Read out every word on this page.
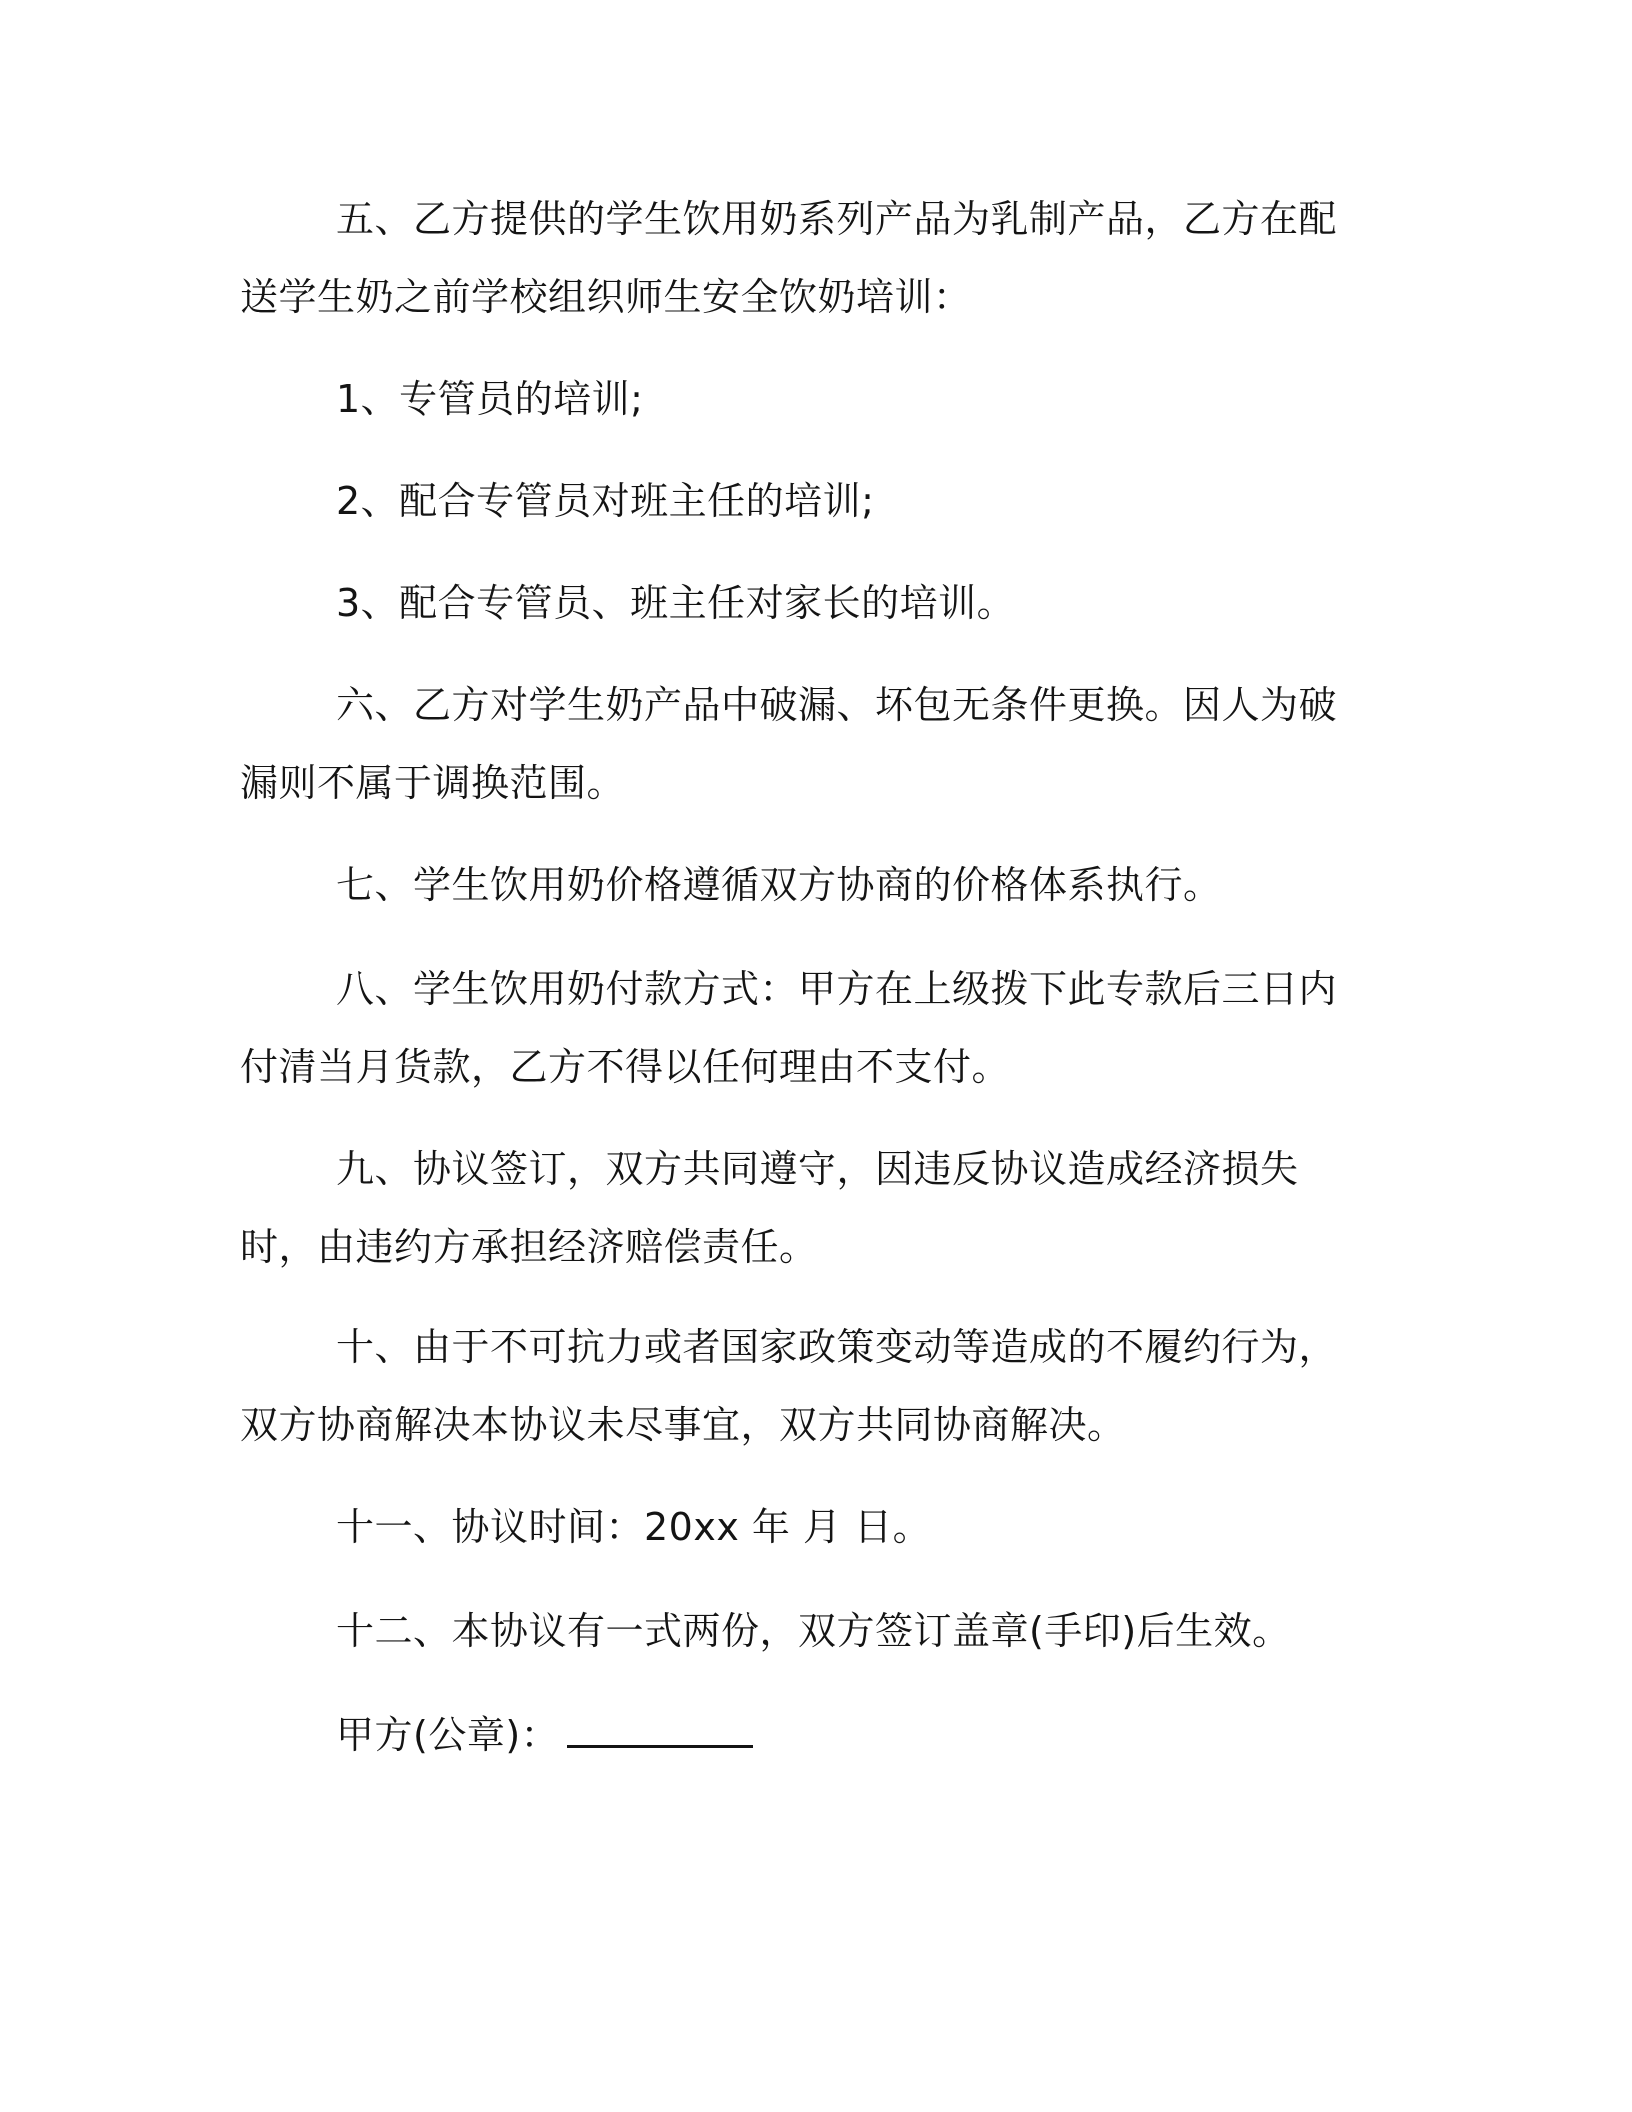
五、乙方提供的学生饮用奶系列产品为乳制产品，乙方在配送学生奶之前学校组织师生安全饮奶培训：
1、专管员的培训;
2、配合专管员对班主任的培训;
3、配合专管员、班主任对家长的培训。
六、乙方对学生奶产品中破漏、坏包无条件更换。因人为破漏则不属于调换范围。
七、学生饮用奶价格遵循双方协商的价格体系执行。
八、学生饮用奶付款方式：甲方在上级拨下此专款后三日内付清当月货款，乙方不得以任何理由不支付。
九、协议签订，双方共同遵守，因违反协议造成经济损失时，由违约方承担经济赔偿责任。
十、由于不可抗力或者国家政策变动等造成的不履约行为，双方协商解决本协议未尽事宜，双方共同协商解决。
十一、协议时间：20xx 年 月 日。
十二、本协议有一式两份，双方签订盖章(手印)后生效。
甲方(公章)：
